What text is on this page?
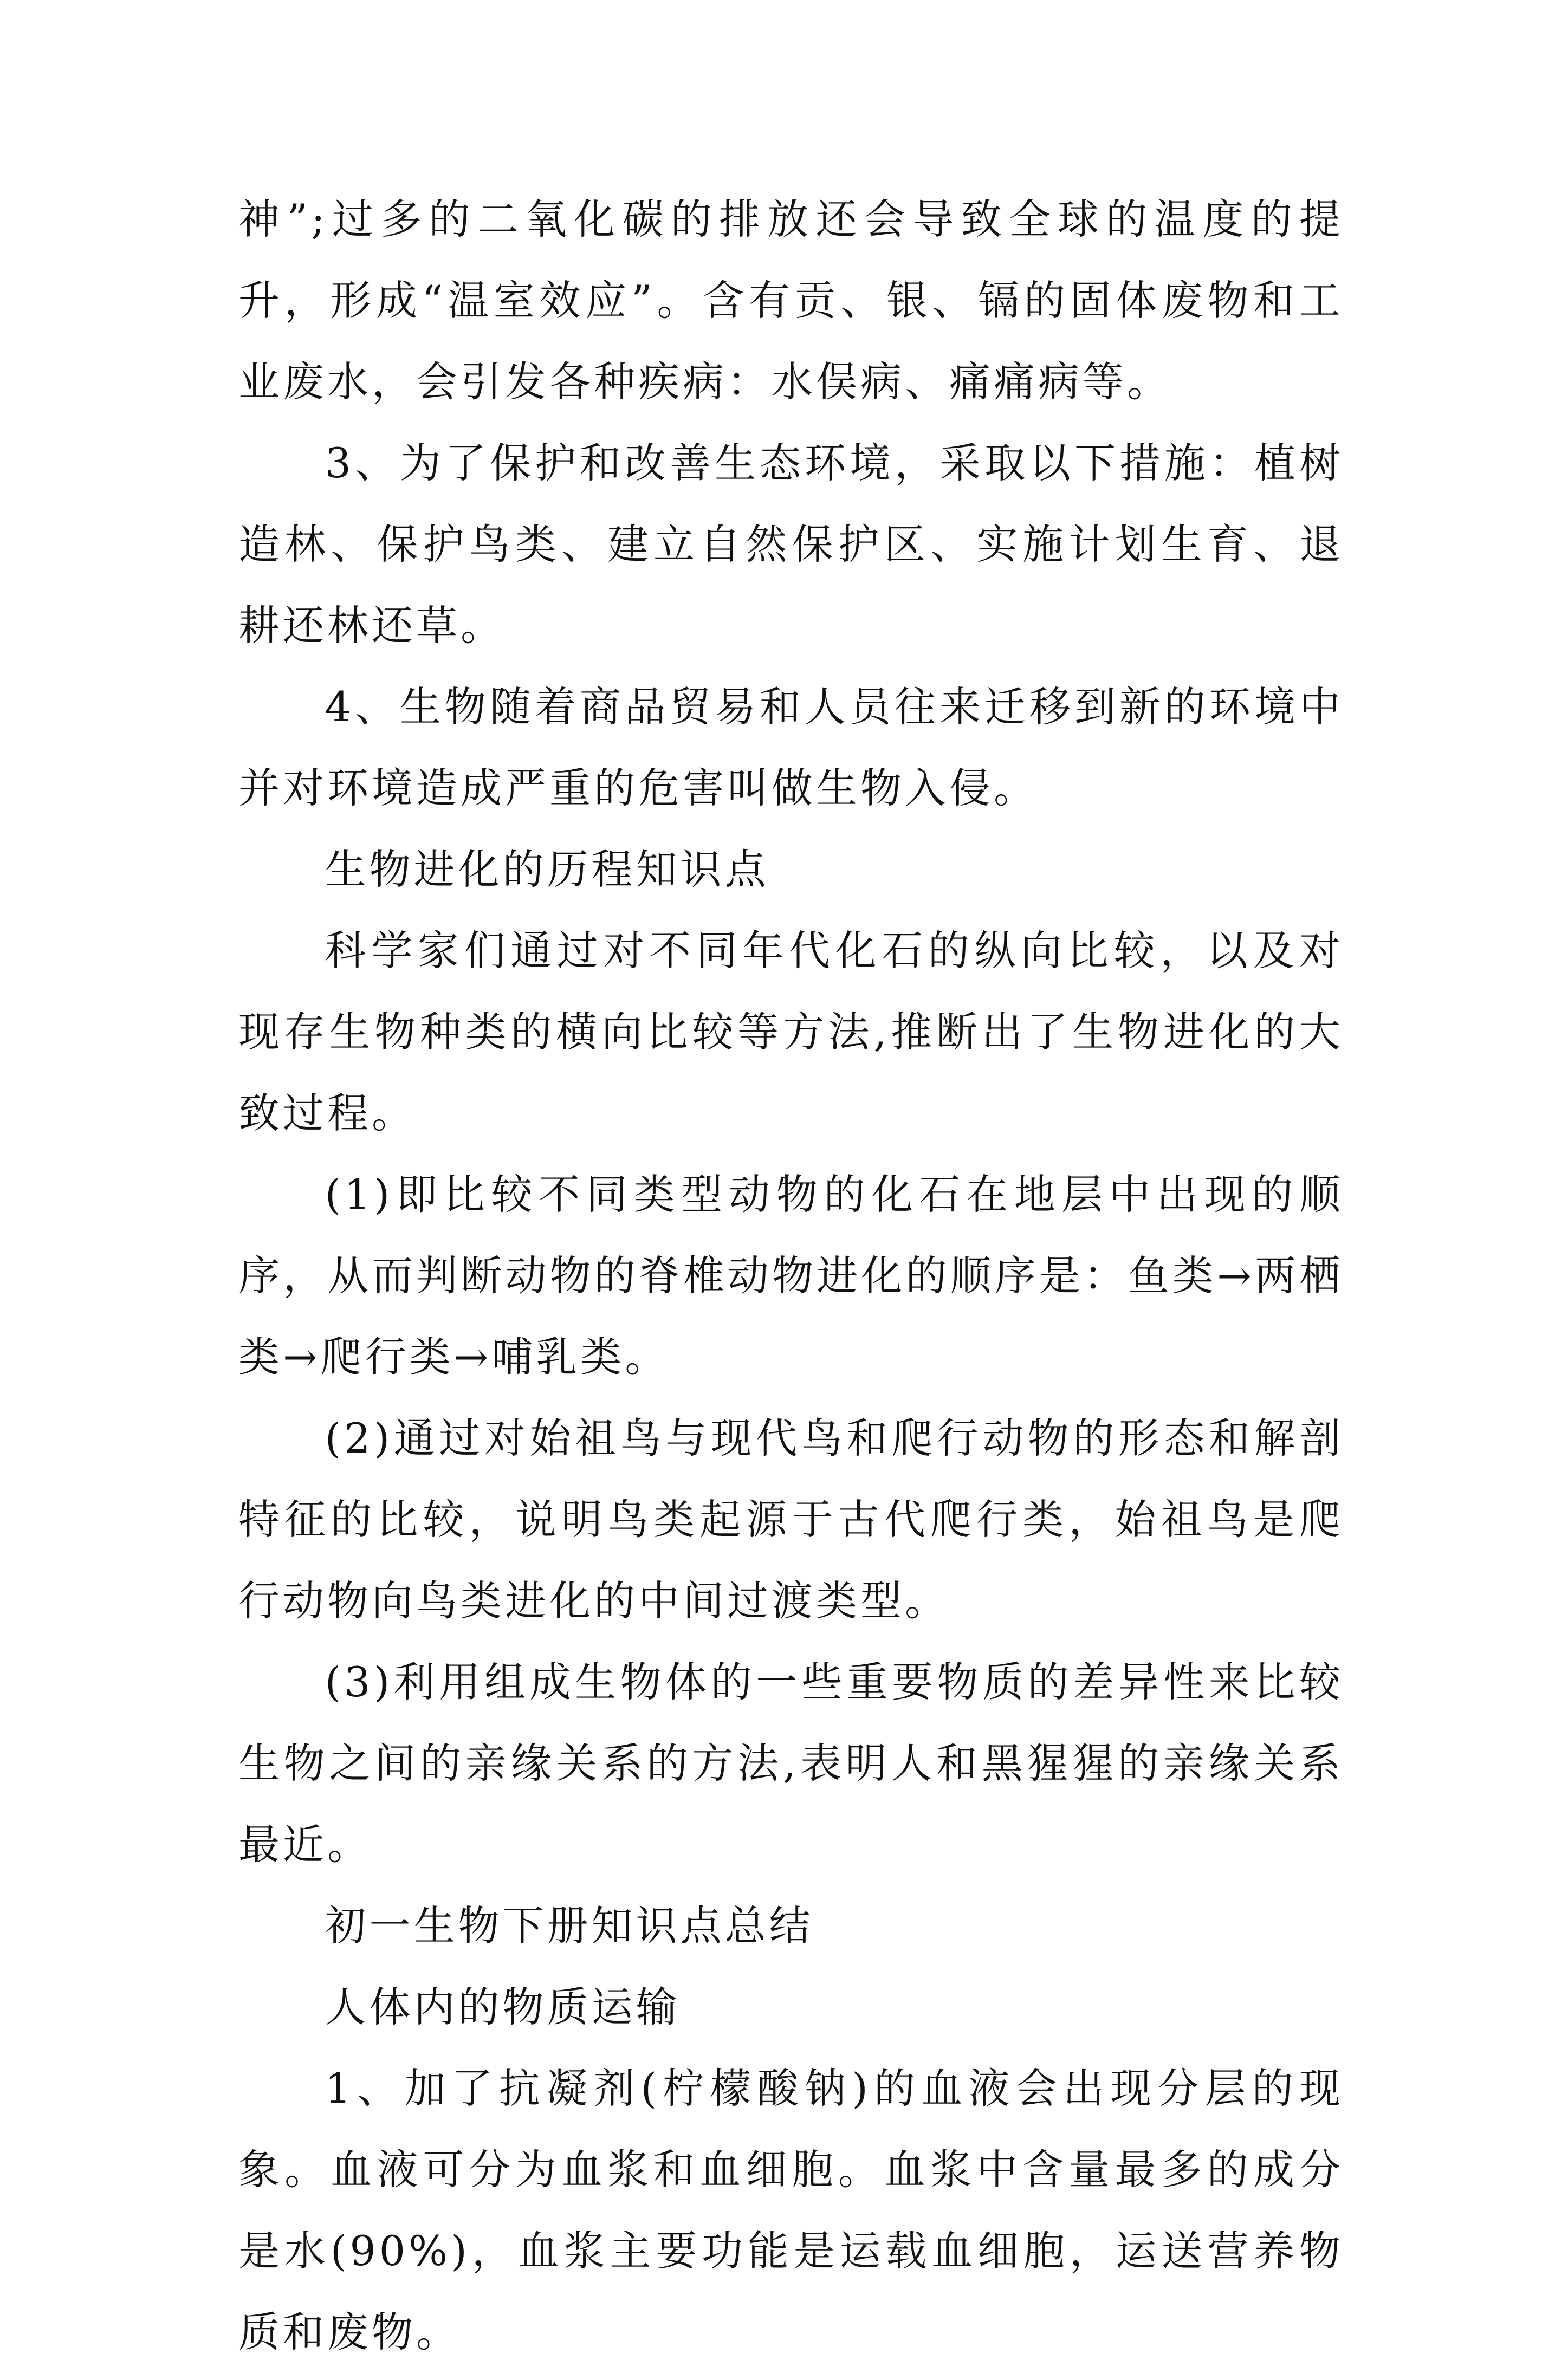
神”;过多的二氧化碳的排放还会导致全球的温度的提升，形成“温室效应”。含有贡、银、镉的固体废物和工业废水，会引发各种疾病：水俣病、痛痛病等。

3、为了保护和改善生态环境，采取以下措施：植树造林、保护鸟类、建立自然保护区、实施计划生育、退耕还林还草。

4、生物随着商品贸易和人员往来迁移到新的环境中并对环境造成严重的危害叫做生物入侵。

生物进化的历程知识点

科学家们通过对不同年代化石的纵向比较，以及对现存生物种类的横向比较等方法,推断出了生物进化的大致过程。

(1)即比较不同类型动物的化石在地层中出现的顺序，从而判断动物的脊椎动物进化的顺序是：鱼类→两栖类→爬行类→哺乳类。

(2)通过对始祖鸟与现代鸟和爬行动物的形态和解剖特征的比较，说明鸟类起源于古代爬行类，始祖鸟是爬行动物向鸟类进化的中间过渡类型。

(3)利用组成生物体的一些重要物质的差异性来比较生物之间的亲缘关系的方法,表明人和黑猩猩的亲缘关系最近。

初一生物下册知识点总结

人体内的物质运输

1、加了抗凝剂(柠檬酸钠)的血液会出现分层的现象。血液可分为血浆和血细胞。血浆中含量最多的成分是水(90%)，血浆主要功能是运载血细胞，运送营养物质和废物。
